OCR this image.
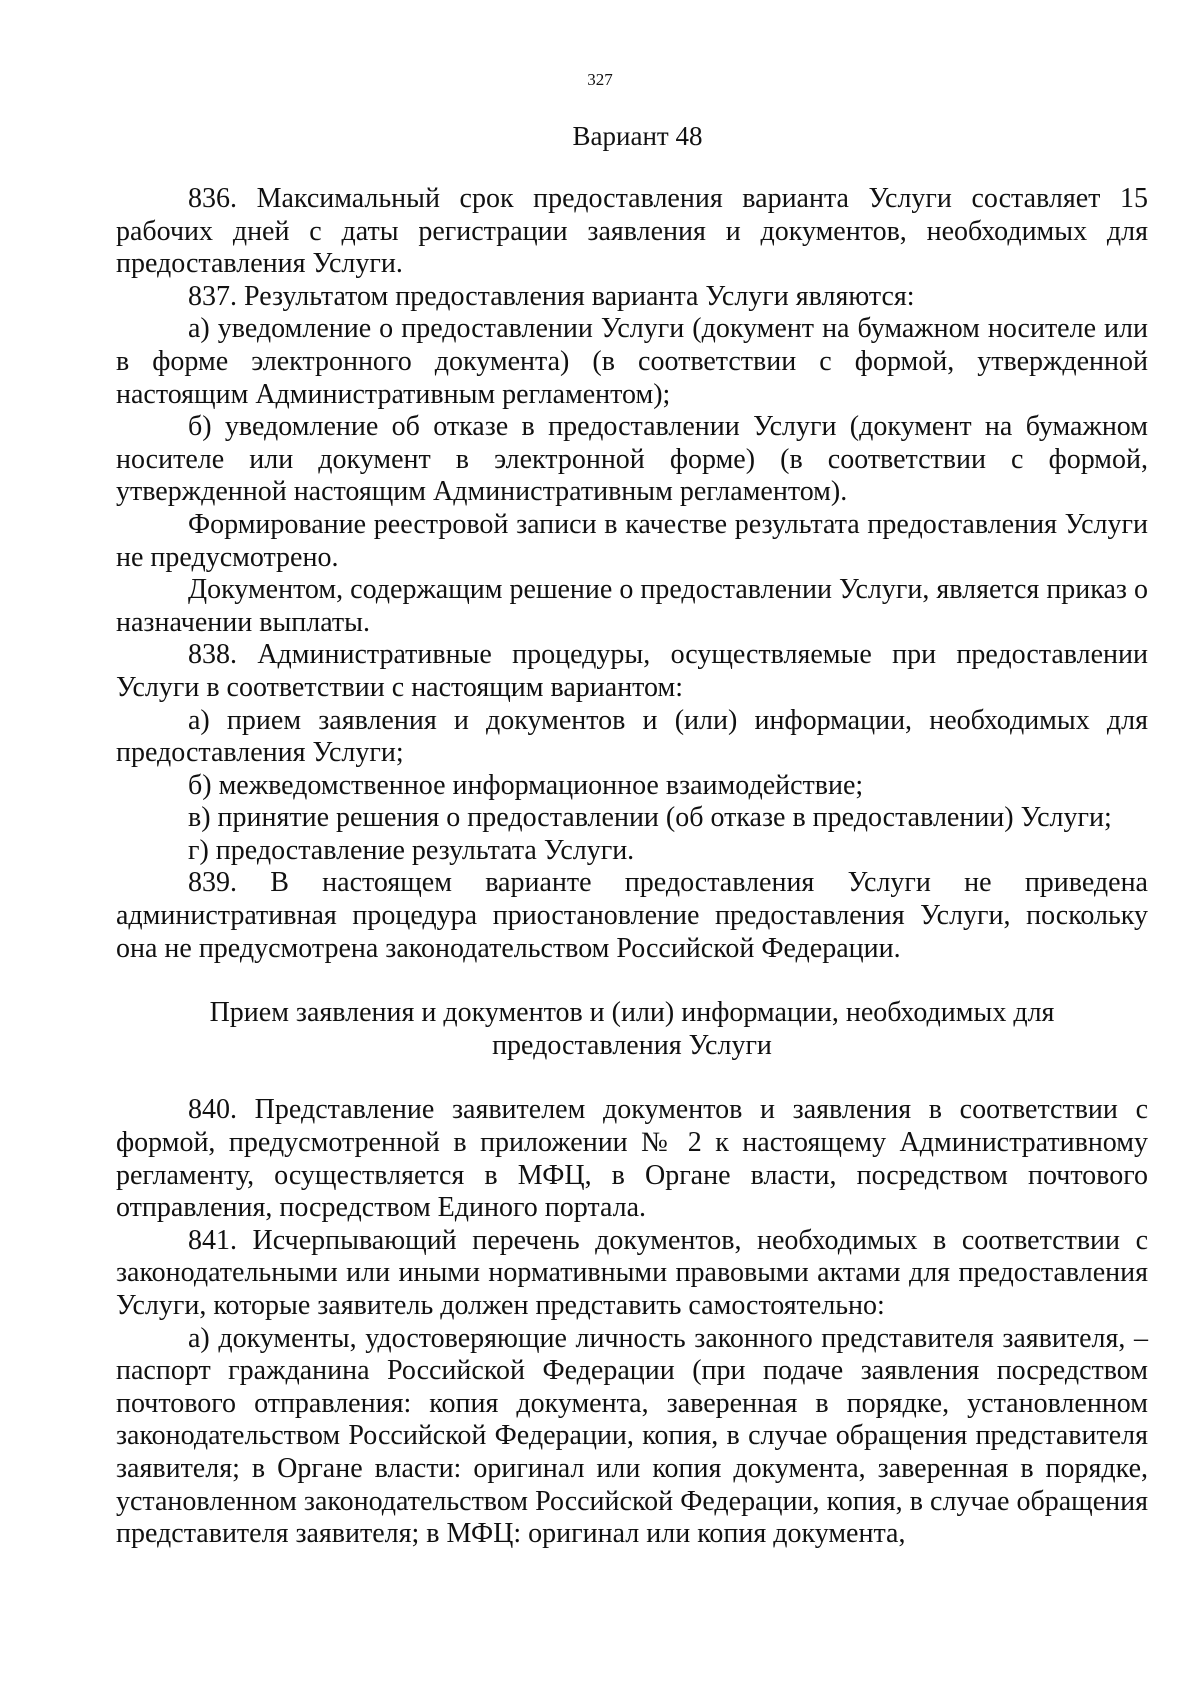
327
Вариант 48

836. Максимальный срок предоставления варианта Услуги составляет 15 рабочих дней с даты регистрации заявления и документов, необходимых для предоставления Услуги.

837. Результатом предоставления варианта Услуги являются:

а) уведомление о предоставлении Услуги (документ на бумажном носителе или в форме электронного документа) (в соответствии с формой, утвержденной настоящим Административным регламентом);

б) уведомление об отказе в предоставлении Услуги (документ на бумажном носителе или документ в электронной форме) (в соответствии с формой, утвержденной настоящим Административным регламентом).

Формирование реестровой записи в качестве результата предоставления Услуги не предусмотрено.

Документом, содержащим решение о предоставлении Услуги, является приказ о назначении выплаты.

838. Административные процедуры, осуществляемые при предоставлении Услуги в соответствии с настоящим вариантом:

а) прием заявления и документов и (или) информации, необходимых для предоставления Услуги;

б) межведомственное информационное взаимодействие;

в) принятие решения о предоставлении (об отказе в предоставлении) Услуги;

г) предоставление результата Услуги.

839. В настоящем варианте предоставления Услуги не приведена административная процедура приостановление предоставления Услуги, поскольку она не предусмотрена законодательством Российской Федерации.

Прием заявления и документов и (или) информации, необходимых для
предоставления Услуги

840. Представление заявителем документов и заявления в соответствии с формой, предусмотренной в приложении № 2 к настоящему Административному регламенту, осуществляется в МФЦ, в Органе власти, посредством почтового отправления, посредством Единого портала.

841. Исчерпывающий перечень документов, необходимых в соответствии с законодательными или иными нормативными правовыми актами для предоставления Услуги, которые заявитель должен представить самостоятельно:

а) документы, удостоверяющие личность законного представителя заявителя, – паспорт гражданина Российской Федерации (при подаче заявления посредством почтового отправления: копия документа, заверенная в порядке, установленном законодательством Российской Федерации, копия, в случае обращения представителя заявителя; в Органе власти: оригинал или копия документа, заверенная в порядке, установленном законодательством Российской Федерации, копия, в случае обращения представителя заявителя; в МФЦ: оригинал или копия документа,
